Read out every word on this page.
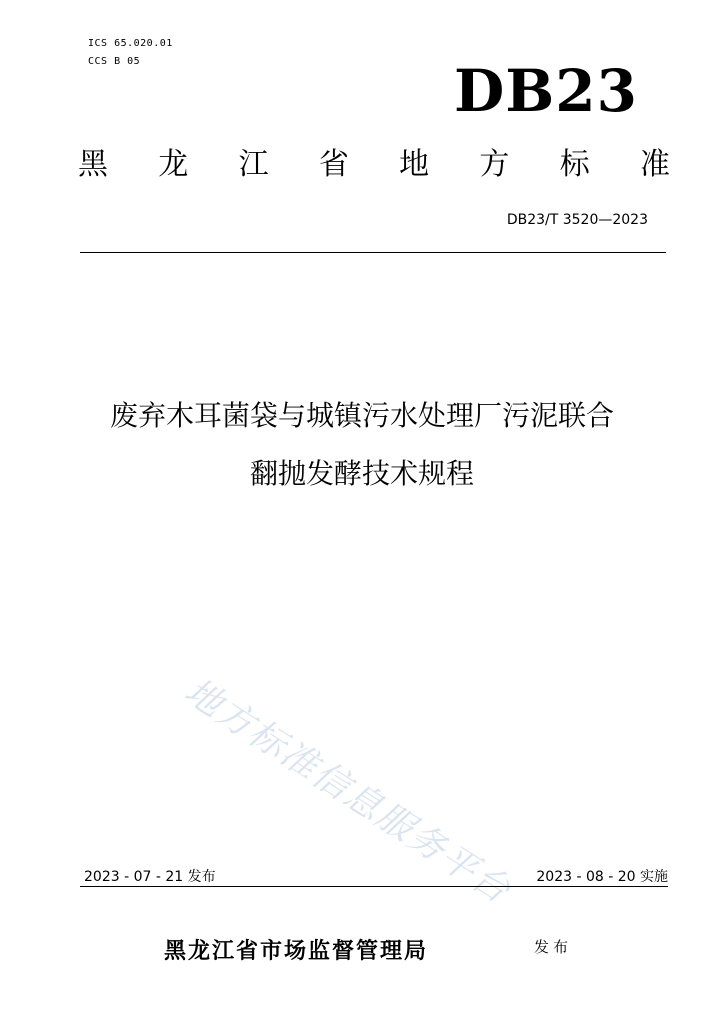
ICS 65.020.01
CCS B 05	DB23
黑 龙 江 省 地 方 标 准
DB23/T 3520—2023
废弃木耳菌袋与城镇污水处理厂污泥联合
翻抛发酵技术规程
地方标准信息服务平台
2023 - 07 - 21 发布	2023 - 08 - 20 实施
黑龙江省市场监督管理局	发布
